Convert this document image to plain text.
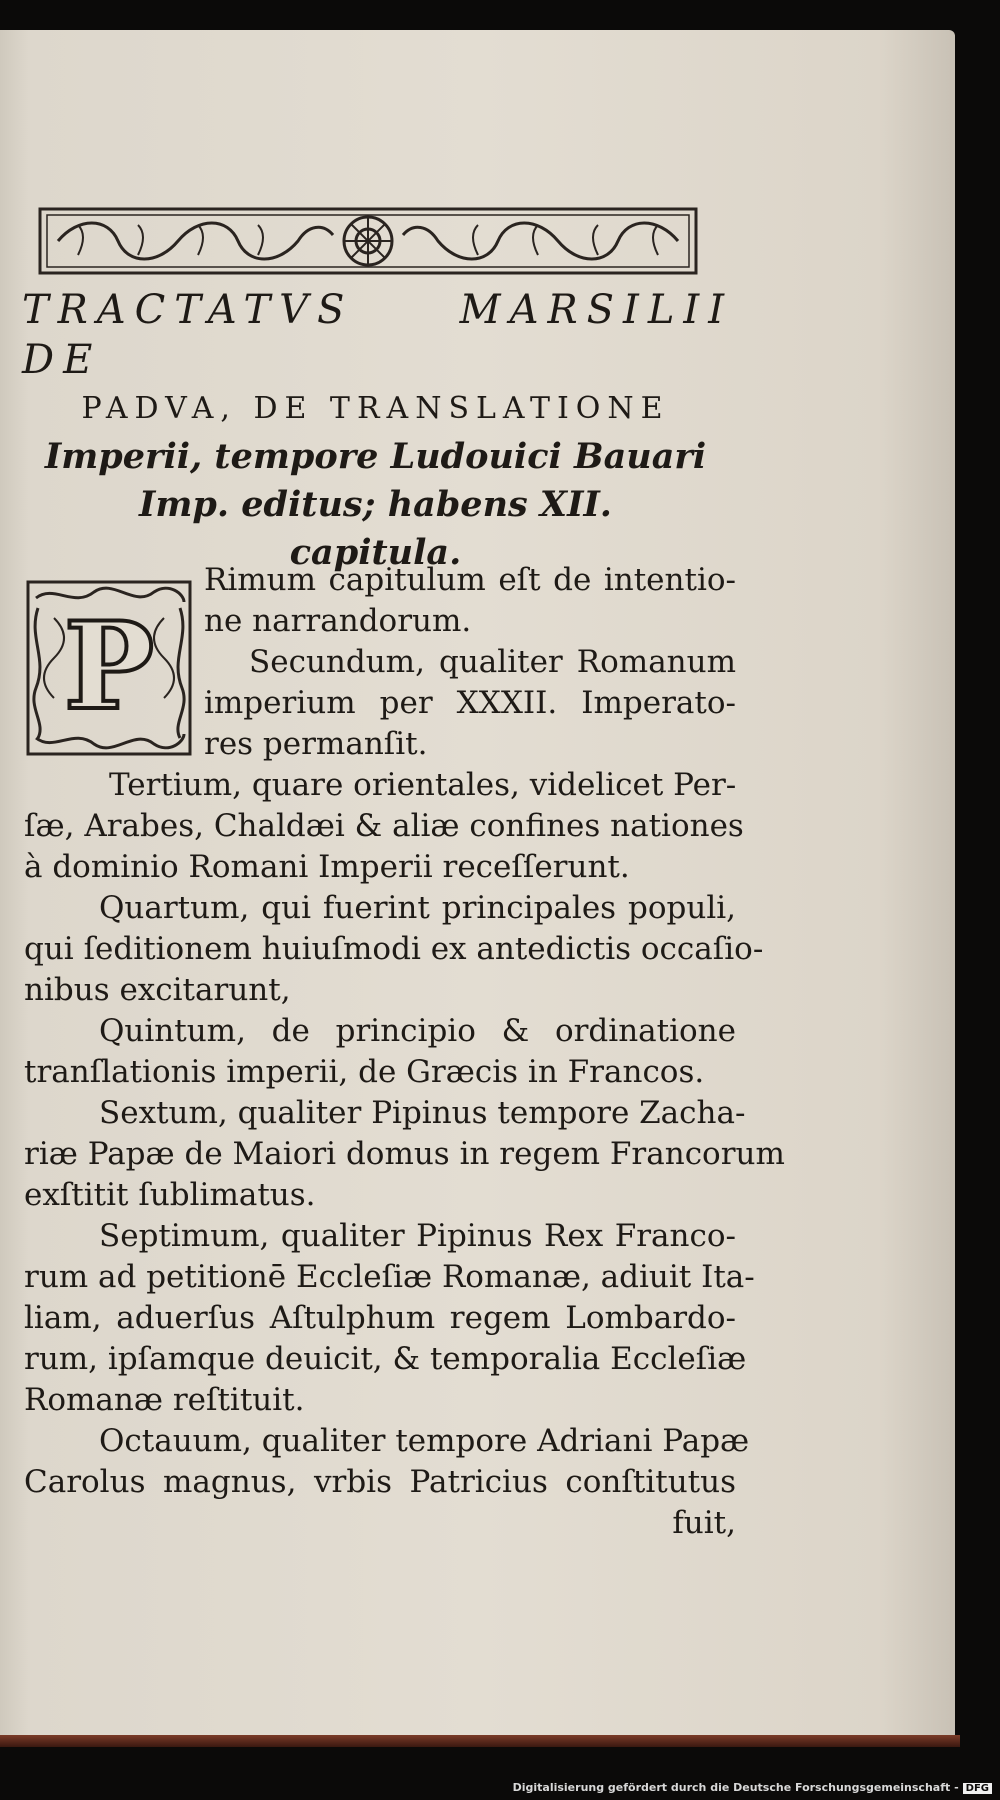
TRACTATVS MARSILII DE
PADVA, DE TRANSLATIONE
Imperii, tempore Ludouici Bauari
Imp. editus; habens XII.
capitula.
P

Rimum capitulum eſt de intentio-
ne narrandorum.

Secundum, qualiter Romanum
imperium per XXXII. Imperato-
res permanſit.

Tertium, quare orientales, videlicet Per-
ſæ, Arabes, Chaldæi & aliæ confines nationes
à dominio Romani Imperii receſſerunt.

Quartum, qui fuerint principales populi,
qui ſeditionem huiuſmodi ex antedictis occaſio-
nibus excitarunt,

Quintum, de principio & ordinatione
tranſlationis imperii, de Græcis in Francos.

Sextum, qualiter Pipinus tempore Zacha-
riæ Papæ de Maiori domus in regem Francorum
exſtitit ſublimatus.

Septimum, qualiter Pipinus Rex Franco-
rum ad petitionē Eccleſiæ Romanæ, adiuit Ita-
liam, aduerſus Aſtulphum regem Lombardo-
rum, ipſamque deuicit, & temporalia Eccleſiæ
Romanæ reſtituit.

Octauum, qualiter tempore Adriani Papæ
Carolus magnus, vrbis Patricius conſtitutus
fuit,

Digitalisierung gefördert durch die Deutsche Forschungsgemeinschaft - DFG
